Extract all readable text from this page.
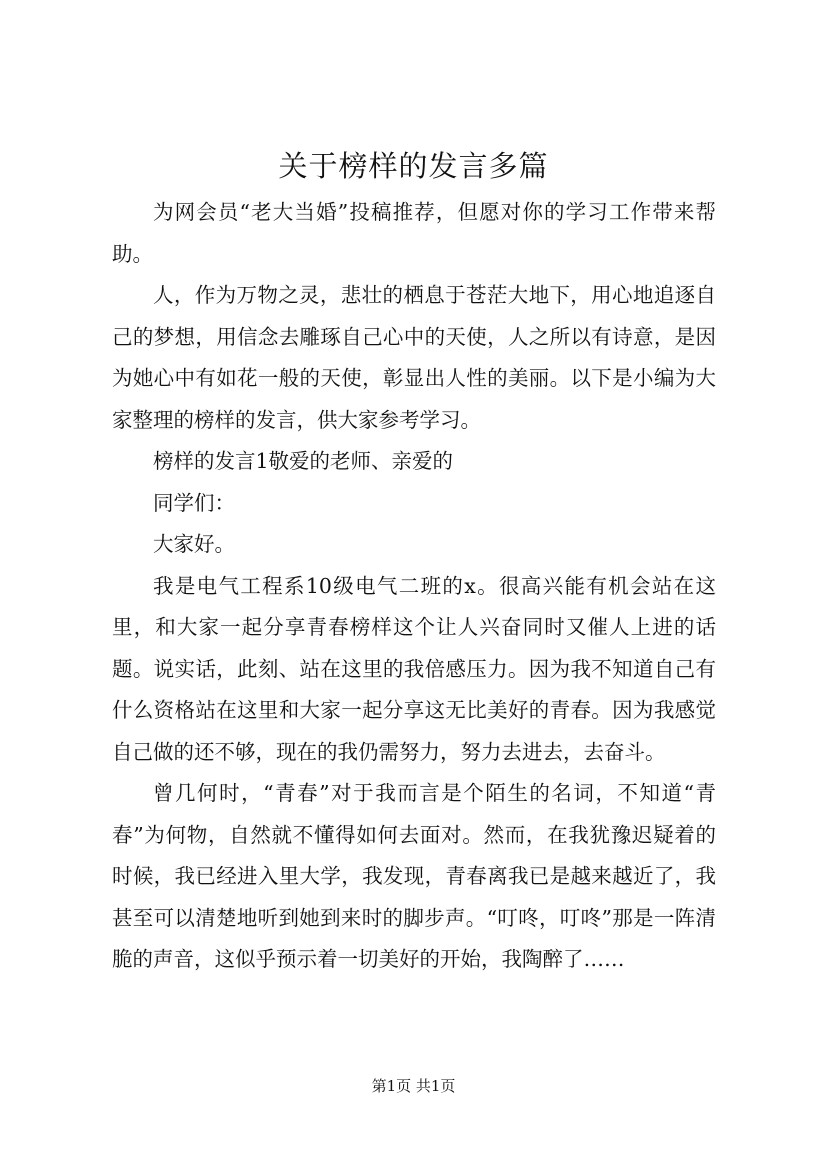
关于榜样的发言多篇

为网会员“老大当婚”投稿推荐，但愿对你的学习工作带来帮助。

人，作为万物之灵，悲壮的栖息于苍茫大地下，用心地追逐自己的梦想，用信念去雕琢自己心中的天使，人之所以有诗意，是因为她心中有如花一般的天使，彰显出人性的美丽。以下是小编为大家整理的榜样的发言，供大家参考学习。

榜样的发言1敬爱的老师、亲爱的

同学们：

大家好。

我是电气工程系10级电气二班的x。很高兴能有机会站在这里，和大家一起分享青春榜样这个让人兴奋同时又催人上进的话题。说实话，此刻、站在这里的我倍感压力。因为我不知道自己有什么资格站在这里和大家一起分享这无比美好的青春。因为我感觉自己做的还不够，现在的我仍需努力，努力去进去，去奋斗。

曾几何时，“青春”对于我而言是个陌生的名词，不知道“青春”为何物，自然就不懂得如何去面对。然而，在我犹豫迟疑着的时候，我已经进入里大学，我发现，青春离我已是越来越近了，我甚至可以清楚地听到她到来时的脚步声。“叮咚，叮咚”那是一阵清脆的声音，这似乎预示着一切美好的开始，我陶醉了……

第1页 共1页
